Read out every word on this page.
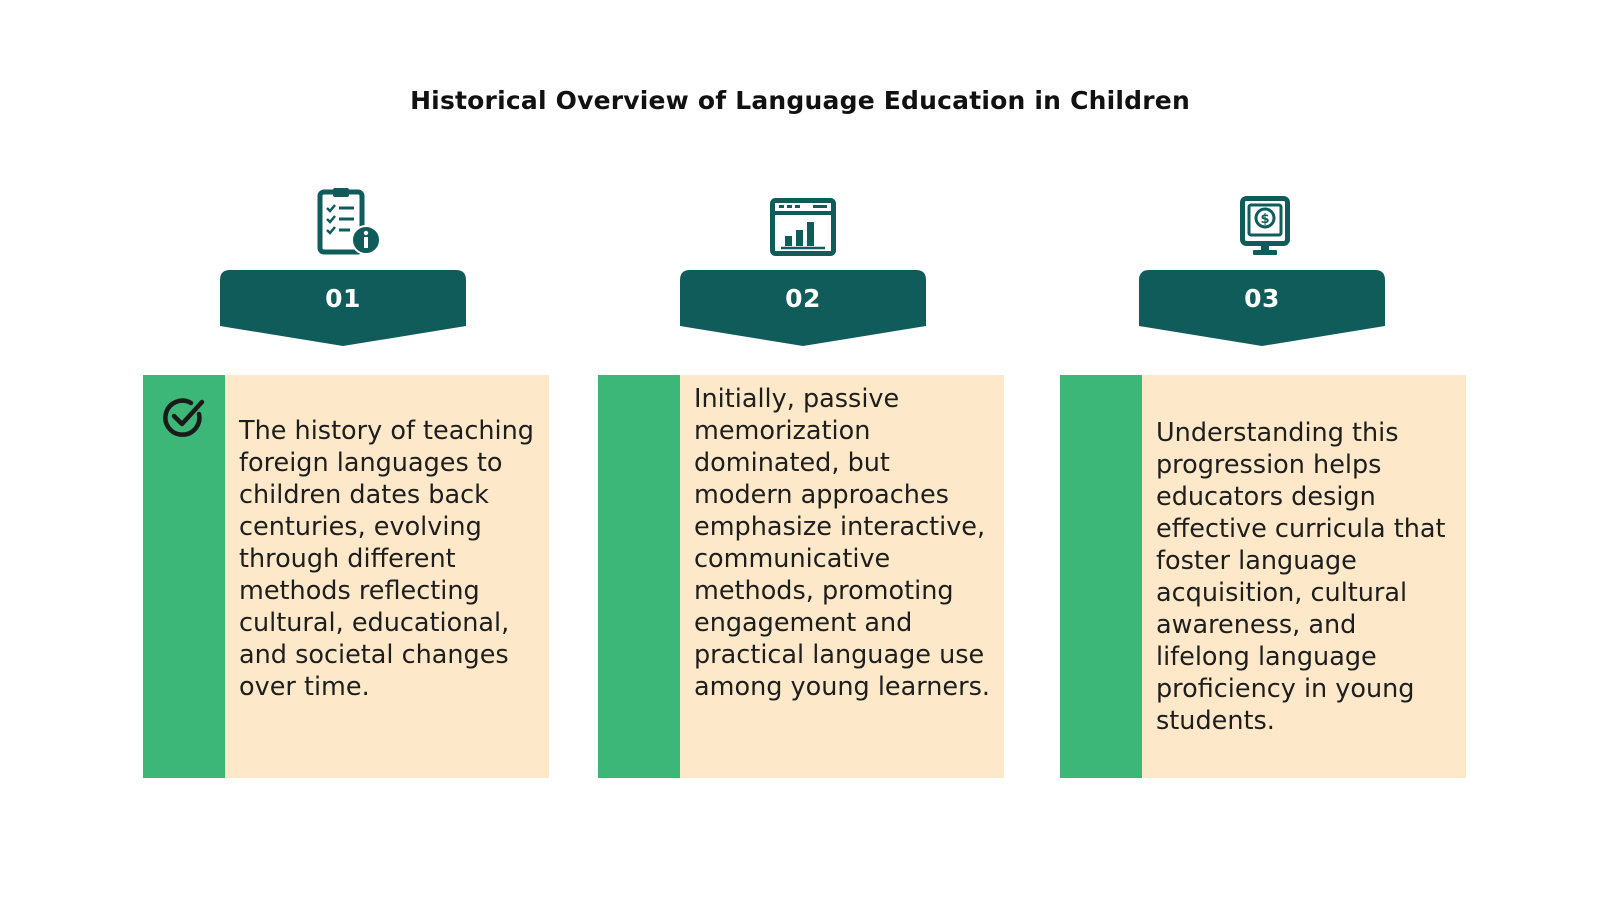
Historical Overview of Language Education in Children
01
The history of teaching foreign languages to children dates back centuries, evolving through different methods reflecting cultural, educational, and societal changes over time.
02
Initially, passive memorization dominated, but modern approaches emphasize interactive, communicative methods, promoting engagement and practical language use among young learners.
$
03
Understanding this progression helps educators design effective curricula that foster language acquisition, cultural awareness, and lifelong language proficiency in young students.
